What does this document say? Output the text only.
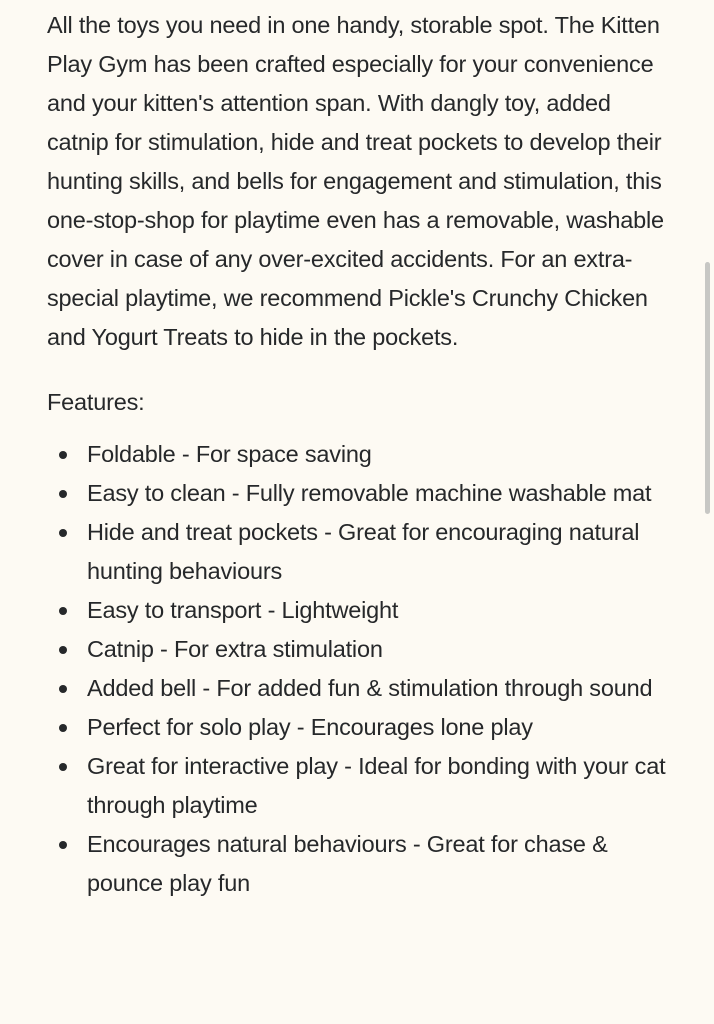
All the toys you need in one handy, storable spot. The Kitten Play Gym has been crafted especially for your convenience and your kitten's attention span. With dangly toy, added catnip for stimulation, hide and treat pockets to develop their hunting skills, and bells for engagement and stimulation, this one-stop-shop for playtime even has a removable, washable cover in case of any over-excited accidents. For an extra-special playtime, we recommend Pickle's Crunchy Chicken and Yogurt Treats to hide in the pockets.

Features:
Foldable - For space saving
Easy to clean - Fully removable machine washable mat
Hide and treat pockets - Great for encouraging natural hunting behaviours
Easy to transport - Lightweight
Catnip - For extra stimulation
Added bell - For added fun & stimulation through sound
Perfect for solo play - Encourages lone play
Great for interactive play - Ideal for bonding with your cat through playtime
Encourages natural behaviours - Great for chase & pounce play fun
